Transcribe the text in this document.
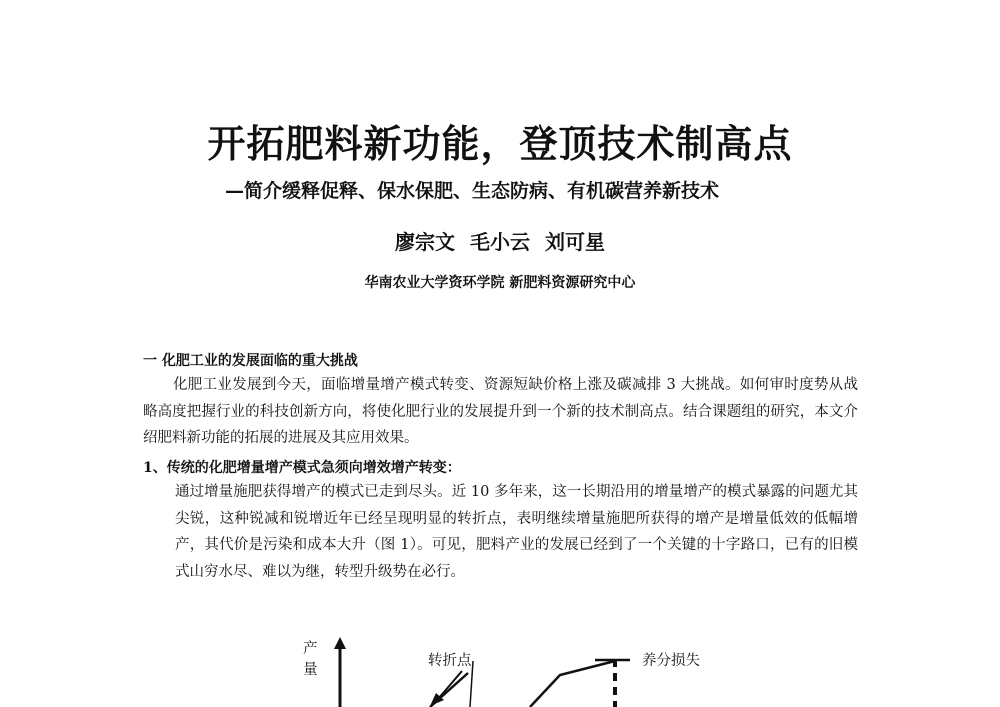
开拓肥料新功能，登顶技术制高点
—简介缓释促释、保水保肥、生态防病、有机碳营养新技术
廖宗文 毛小云 刘可星
华南农业大学资环学院 新肥料资源研究中心
一 化肥工业的发展面临的重大挑战
化肥工业发展到今天，面临增量增产模式转变、资源短缺价格上涨及碳减排 3 大挑战。如何审时度势从战略高度把握行业的科技创新方向，将使化肥行业的发展提升到一个新的技术制高点。结合课题组的研究，本文介绍肥料新功能的拓展的进展及其应用效果。
1、传统的化肥增量增产模式急须向增效增产转变：
通过增量施肥获得增产的模式已走到尽头。近 10 多年来，这一长期沿用的增量增产的模式暴露的问题尤其尖锐，这种锐减和锐增近年已经呈现明显的转折点，表明继续增量施肥所获得的增产是增量低效的低幅增产，其代价是污染和成本大升（图 1）。可见，肥料产业的发展已经到了一个关键的十字路口，已有的旧模式山穷水尽、难以为继，转型升级势在必行。
产
量
转折点	养分损失
